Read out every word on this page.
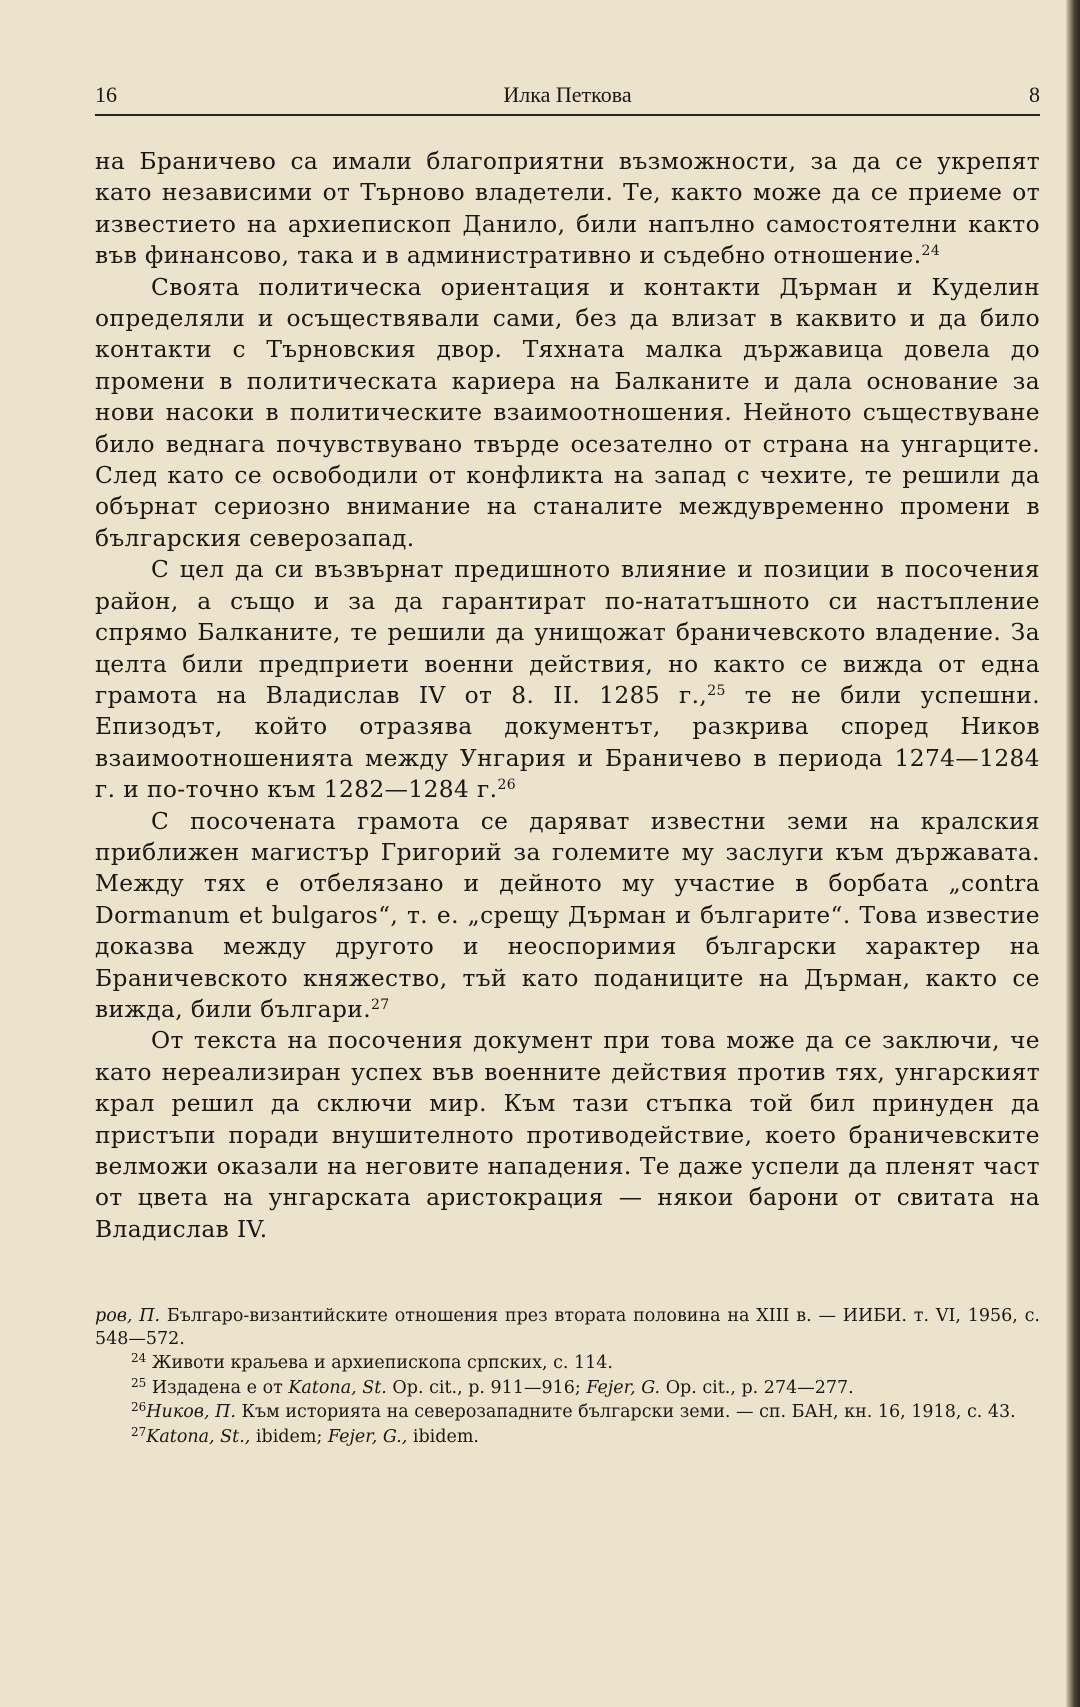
16	Илка Петкова	8

на Браничево са имали благоприятни възможности, за да се укрепят като независими от Търново владетели. Те, както може да се приеме от известието на архиепископ Данило, били напълно самостоятелни както във финансово, така и в административно и съдебно отношение.$^{24}$

Своята политическа ориентация и контакти Дърман и Куделин определяли и осъществявали сами, без да влизат в каквито и да било контакти с Търновския двор. Тяхната малка държавица довела до промени в политическата кариера на Балканите и дала основание за нови насоки в политическите взаимоотношения. Нейното съществуване било веднага почувствувано твърде осезателно от страна на унгарците. След като се освободили от конфликта на запад с чехите, те решили да обърнат сериозно внимание на станалите междувременно промени в българския северозапад.

С цел да си възвърнат предишното влияние и позиции в посочения район, а също и за да гарантират по-нататъшното си настъпление спрямо Балканите, те решили да унищожат браничевското владение. За целта били предприети военни действия, но както се вижда от една грамота на Владислав IV от 8. II. 1285 г.,$^{25}$ те не били успешни. Епизодът, който отразява документът, разкрива според Ников взаимоотношенията между Унгария и Браничево в периода 1274—1284 г. и по-точно към 1282—1284 г.$^{26}$

С посочената грамота се даряват известни земи на кралския приближен магистър Григорий за големите му заслуги към държавата. Между тях е отбелязано и дейното му участие в борбата „contra Dormanum et bulgaros“, т. е. „срещу Дърман и българите“. Това известие доказва между другото и неоспоримия български характер на Браничевското княжество, тъй като поданиците на Дърман, както се вижда, били българи.$^{27}$

От текста на посочения документ при това може да се заключи, че като нереализиран успех във военните действия против тях, унгарският крал решил да сключи мир. Към тази стъпка той бил принуден да пристъпи поради внушителното противодействие, което браничевските велможи оказали на неговите нападения. Те даже успели да пленят част от цвета на унгарската аристокрация — някои барони от свитата на Владислав IV.

ров, П. Българо-византийските отношения през втората половина на XIII в. — ИИБИ. т. VI, 1956, с. 548—572.
$^{24}$ Животи краљева и архиепископа српских, с. 114.
$^{25}$ Издадена е от Katona, St. Op. cit., p. 911—916; Fejer, G. Op. cit., p. 274—277.
$^{26}$Ников, П. Към историята на северозападните български земи. — сп. БАН, кн. 16, 1918, с. 43.
$^{27}$Katona, St., ibidem; Fejer, G., ibidem.
